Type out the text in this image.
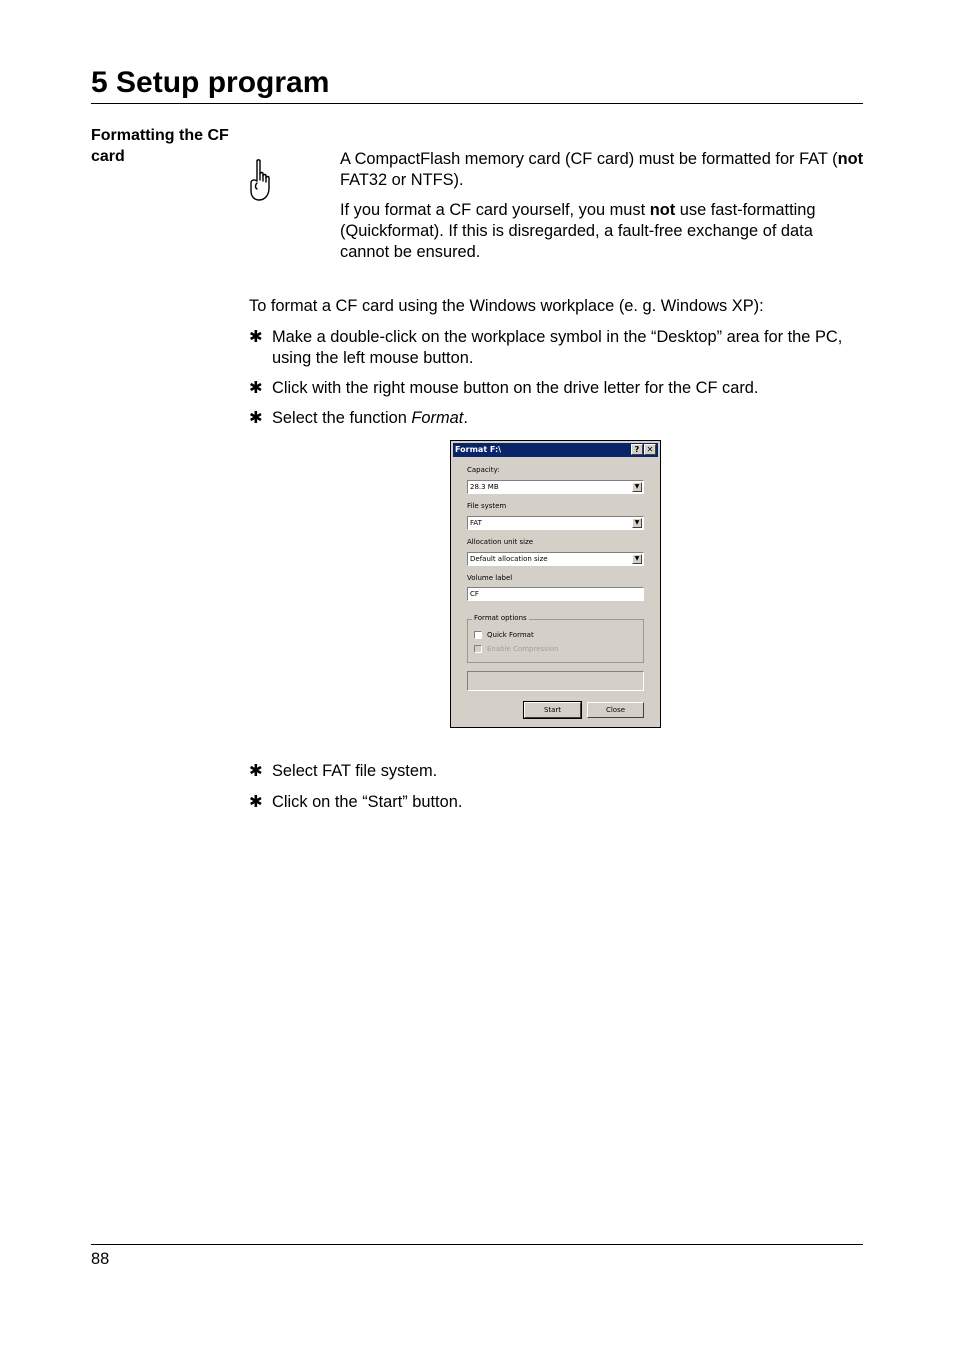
5 Setup program
Formatting the CF card	A CompactFlash memory card (CF card) must be formatted for FAT (not FAT32 or NTFS).

If you format a CF card yourself, you must not use fast-formatting (Quickformat). If this is disregarded, a fault-free exchange of data cannot be ensured.

To format a CF card using the Windows workplace (e. g. Windows XP):
✱ Make a double-click on the workplace symbol in the “Desktop” area for the PC, using the left mouse button.
✱ Click with the right mouse button on the drive letter for the CF card.
✱ Select the function Format.
Format F:\	? ✕
Capacity:
28.3 MB	▼
File system
FAT	▼
Allocation unit size
Default allocation size	▼
Volume label
CF
Format options
Quick Format
Enable Compression
Start	Close
✱ Select FAT file system.
✱ Click on the “Start” button.
88
